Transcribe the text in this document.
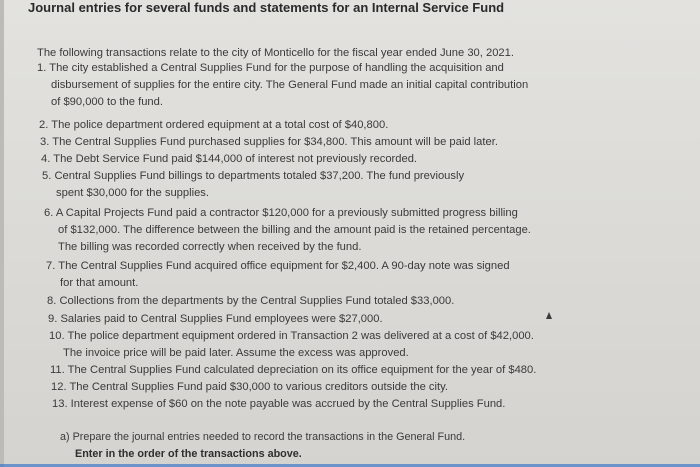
Journal entries for several funds and statements for an Internal Service Fund
The following transactions relate to the city of Monticello for the fiscal year ended June 30, 2021.
1. The city established a Central Supplies Fund for the purpose of handling the acquisition and
disbursement of supplies for the entire city. The General Fund made an initial capital contribution
of $90,000 to the fund.
2. The police department ordered equipment at a total cost of $40,800.
3. The Central Supplies Fund purchased supplies for $34,800. This amount will be paid later.
4. The Debt Service Fund paid $144,000 of interest not previously recorded.
5. Central Supplies Fund billings to departments totaled $37,200. The fund previously
spent $30,000 for the supplies.
6. A Capital Projects Fund paid a contractor $120,000 for a previously submitted progress billing
of $132,000. The difference between the billing and the amount paid is the retained percentage.
The billing was recorded correctly when received by the fund.
7. The Central Supplies Fund acquired office equipment for $2,400. A 90-day note was signed
for that amount.
8. Collections from the departments by the Central Supplies Fund totaled $33,000.
9. Salaries paid to Central Supplies Fund employees were $27,000.
10. The police department equipment ordered in Transaction 2 was delivered at a cost of $42,000.
The invoice price will be paid later. Assume the excess was approved.
11. The Central Supplies Fund calculated depreciation on its office equipment for the year of $480.
12. The Central Supplies Fund paid $30,000 to various creditors outside the city.
13. Interest expense of $60 on the note payable was accrued by the Central Supplies Fund.
a) Prepare the journal entries needed to record the transactions in the General Fund.
Enter in the order of the transactions above.
